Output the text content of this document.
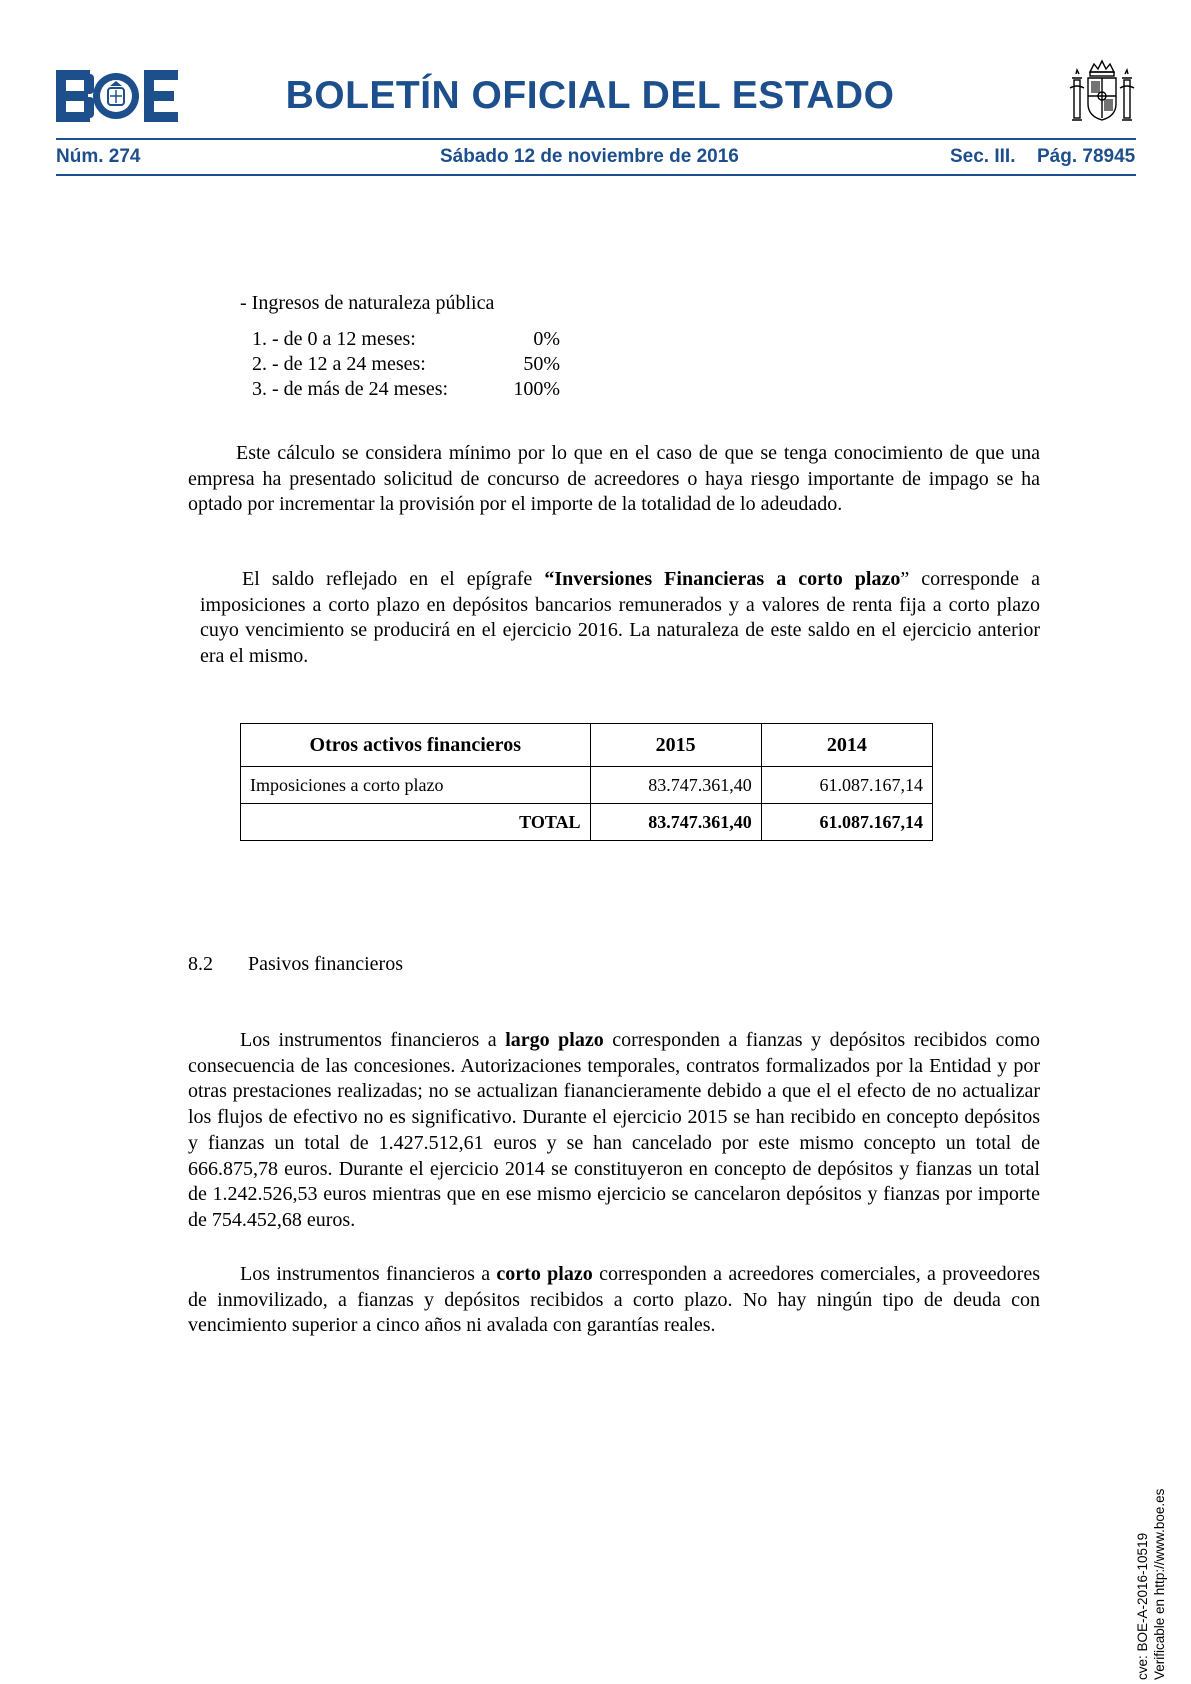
BOLETÍN OFICIAL DEL ESTADO
Núm. 274	Sábado 12 de noviembre de 2016	Sec. III. Pág. 78945
- Ingresos de naturaleza pública
1. - de 0 a 12 meses:	0%
2. - de 12 a 24 meses:	50%
3. - de más de 24 meses:	100%
Este cálculo se considera mínimo por lo que en el caso de que se tenga conocimiento de que una empresa ha presentado solicitud de concurso de acreedores o haya riesgo importante de impago se ha optado por incrementar la provisión por el importe de la totalidad de lo adeudado.
El saldo reflejado en el epígrafe “Inversiones Financieras a corto plazo” corresponde a imposiciones a corto plazo en depósitos bancarios remunerados y a valores de renta fija a corto plazo cuyo vencimiento se producirá en el ejercicio 2016. La naturaleza de este saldo en el ejercicio anterior era el mismo.
Otros activos financieros	2015	2014
Imposiciones a corto plazo	83.747.361,40	61.087.167,14
TOTAL	83.747.361,40	61.087.167,14
8.2 Pasivos financieros
Los instrumentos financieros a largo plazo corresponden a fianzas y depósitos recibidos como consecuencia de las concesiones. Autorizaciones temporales, contratos formalizados por la Entidad y por otras prestaciones realizadas; no se actualizan fianancieramente debido a que el el efecto de no actualizar los flujos de efectivo no es significativo. Durante el ejercicio 2015 se han recibido en concepto depósitos y fianzas un total de 1.427.512,61 euros y se han cancelado por este mismo concepto un total de 666.875,78 euros. Durante el ejercicio 2014 se constituyeron en concepto de depósitos y fianzas un total de 1.242.526,53 euros mientras que en ese mismo ejercicio se cancelaron depósitos y fianzas por importe de 754.452,68 euros.
Los instrumentos financieros a corto plazo corresponden a acreedores comerciales, a proveedores de inmovilizado, a fianzas y depósitos recibidos a corto plazo. No hay ningún tipo de deuda con vencimiento superior a cinco años ni avalada con garantías reales.
cve: BOE-A-2016-10519 Verificable en http://www.boe.es
